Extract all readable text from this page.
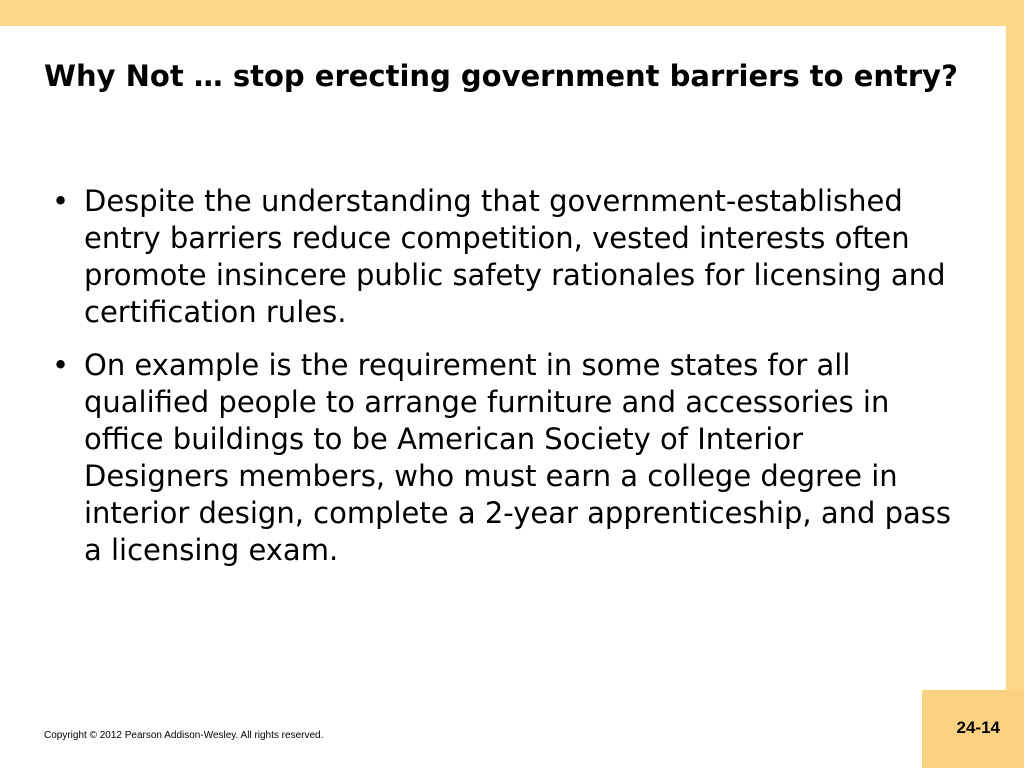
Why Not … stop erecting government barriers to entry?
• Despite the understanding that government-established entry barriers reduce competition, vested interests often promote insincere public safety rationales for licensing and certification rules.
• On example is the requirement in some states for all qualified people to arrange furniture and accessories in office buildings to be American Society of Interior Designers members, who must earn a college degree in interior design, complete a 2-year apprenticeship, and pass a licensing exam.
Copyright © 2012 Pearson Addison-Wesley. All rights reserved.	24-14
